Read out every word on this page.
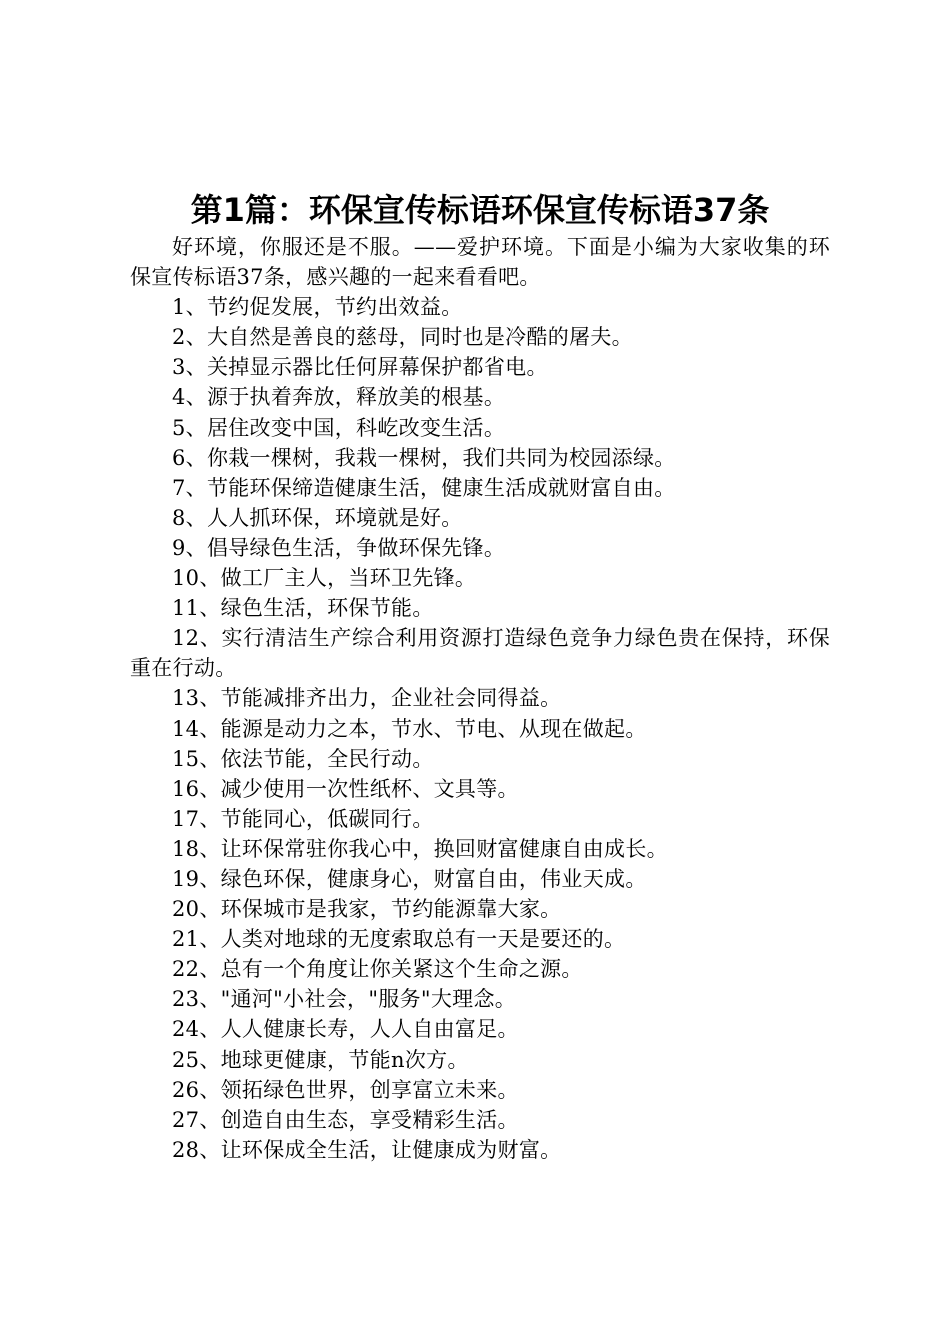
第1篇：环保宣传标语环保宣传标语37条

好环境，你服还是不服。——爱护环境。下面是小编为大家收集的环保宣传标语37条，感兴趣的一起来看看吧。

1、节约促发展，节约出效益。

2、大自然是善良的慈母，同时也是冷酷的屠夫。

3、关掉显示器比任何屏幕保护都省电。

4、源于执着奔放，释放美的根基。

5、居住改变中国，科屹改变生活。

6、你栽一棵树，我栽一棵树，我们共同为校园添绿。

7、节能环保缔造健康生活，健康生活成就财富自由。

8、人人抓环保，环境就是好。

9、倡导绿色生活，争做环保先锋。

10、做工厂主人，当环卫先锋。

11、绿色生活，环保节能。

12、实行清洁生产综合利用资源打造绿色竞争力绿色贵在保持，环保重在行动。

13、节能减排齐出力，企业社会同得益。

14、能源是动力之本，节水、节电、从现在做起。

15、依法节能，全民行动。

16、减少使用一次性纸杯、文具等。

17、节能同心，低碳同行。

18、让环保常驻你我心中，换回财富健康自由成长。

19、绿色环保，健康身心，财富自由，伟业天成。

20、环保城市是我家，节约能源靠大家。

21、人类对地球的无度索取总有一天是要还的。

22、总有一个角度让你关紧这个生命之源。

23、"通河"小社会，"服务"大理念。

24、人人健康长寿，人人自由富足。

25、地球更健康，节能n次方。

26、领拓绿色世界，创享富立未来。

27、创造自由生态，享受精彩生活。

28、让环保成全生活，让健康成为财富。
